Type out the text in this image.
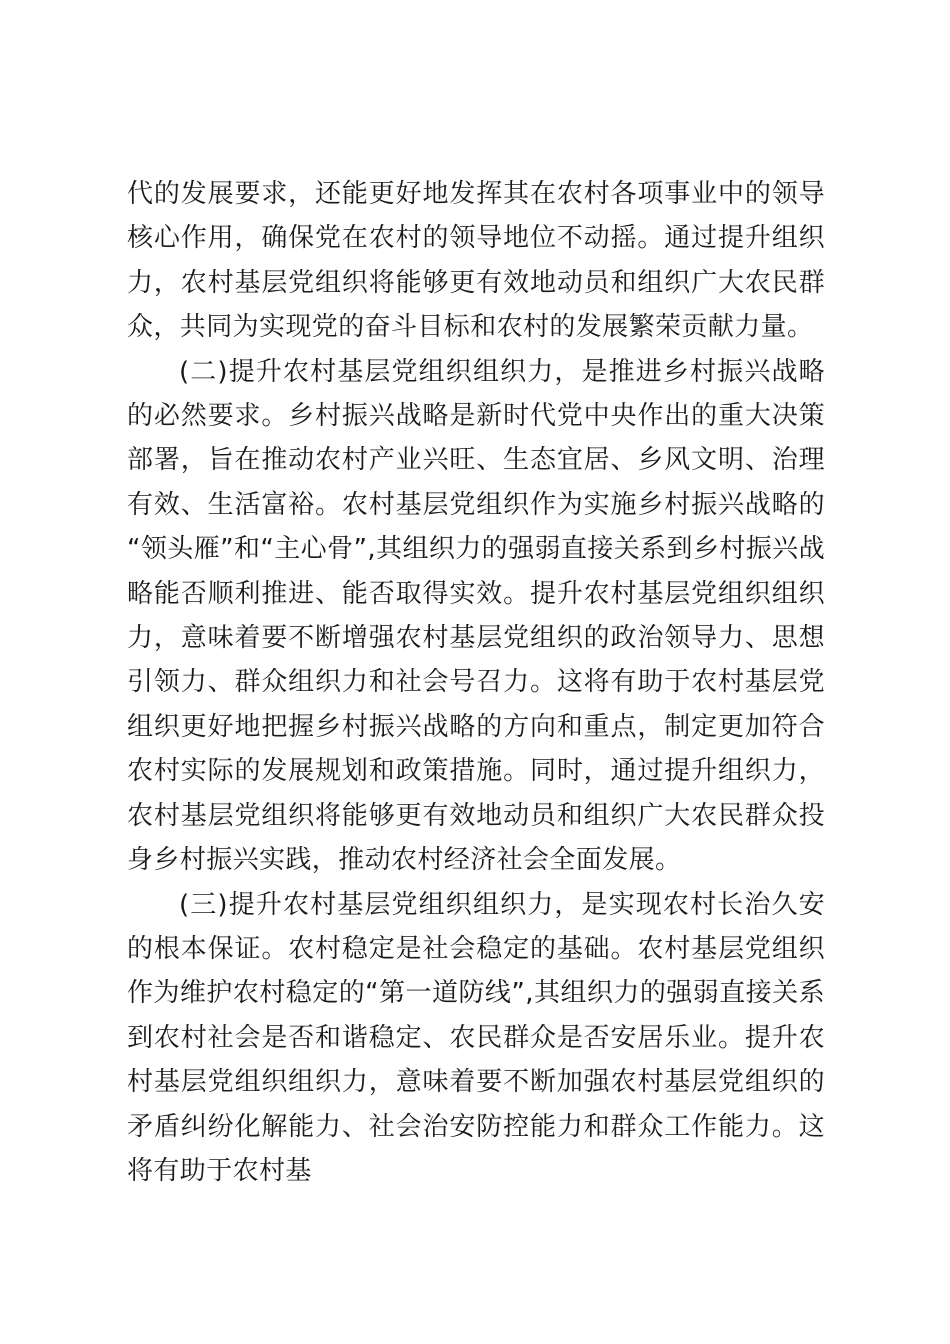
代的发展要求，还能更好地发挥其在农村各项事业中的领导核心作用，确保党在农村的领导地位不动摇。通过提升组织力，农村基层党组织将能够更有效地动员和组织广大农民群众，共同为实现党的奋斗目标和农村的发展繁荣贡献力量。

(二)提升农村基层党组织组织力，是推进乡村振兴战略的必然要求。乡村振兴战略是新时代党中央作出的重大决策部署，旨在推动农村产业兴旺、生态宜居、乡风文明、治理有效、生活富裕。农村基层党组织作为实施乡村振兴战略的“领头雁”和“主心骨”,其组织力的强弱直接关系到乡村振兴战略能否顺利推进、能否取得实效。提升农村基层党组织组织力，意味着要不断增强农村基层党组织的政治领导力、思想引领力、群众组织力和社会号召力。这将有助于农村基层党组织更好地把握乡村振兴战略的方向和重点，制定更加符合农村实际的发展规划和政策措施。同时，通过提升组织力，农村基层党组织将能够更有效地动员和组织广大农民群众投身乡村振兴实践，推动农村经济社会全面发展。

(三)提升农村基层党组织组织力，是实现农村长治久安的根本保证。农村稳定是社会稳定的基础。农村基层党组织作为维护农村稳定的“第一道防线”,其组织力的强弱直接关系到农村社会是否和谐稳定、农民群众是否安居乐业。提升农村基层党组织组织力，意味着要不断加强农村基层党组织的矛盾纠纷化解能力、社会治安防控能力和群众工作能力。这将有助于农村基
